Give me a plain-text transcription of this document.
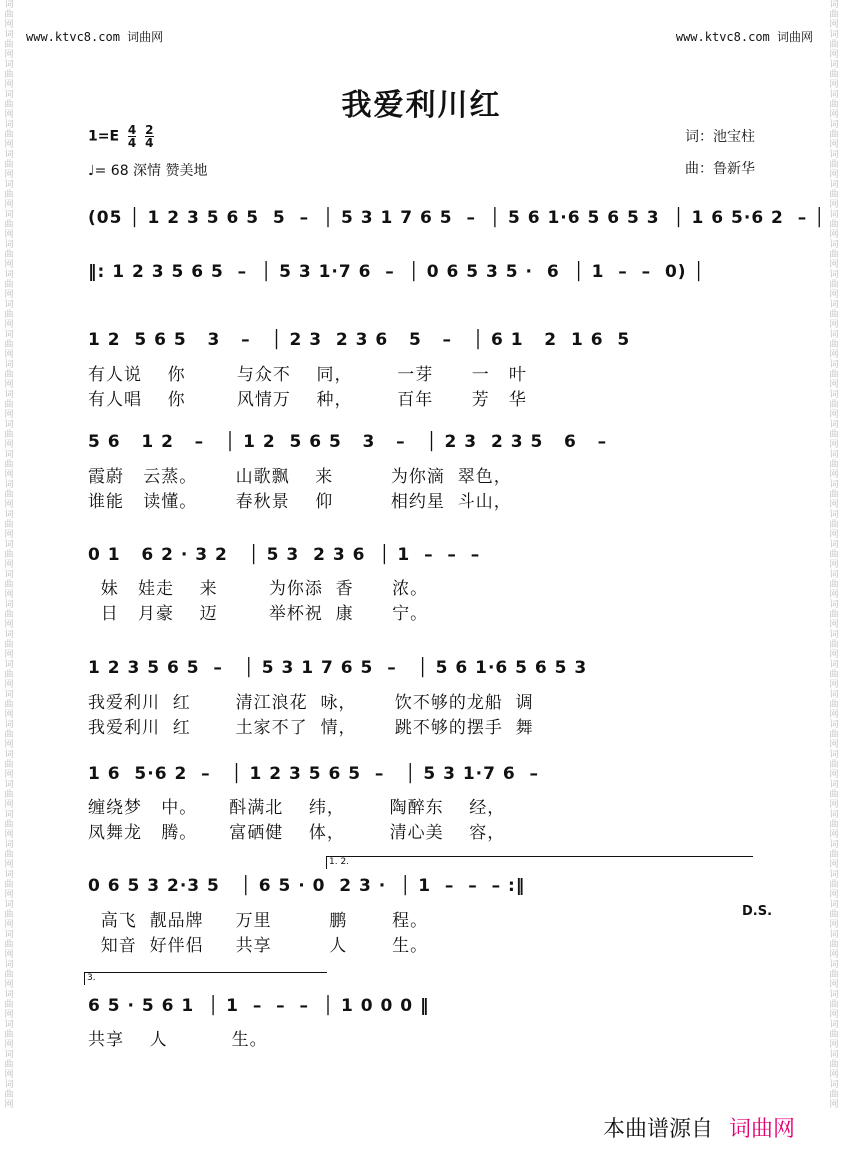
词曲网词曲网词曲网词曲网词曲网词曲网词曲网词曲网词曲网词曲网词曲网词曲网词曲网词曲网词曲网词曲网词曲网词曲网词曲网词曲网词曲网词曲网词曲网词曲网词曲网词曲网词曲网词曲网词曲网词曲网词曲网词曲网词曲网词曲网词曲网词曲网词曲网
词曲网词曲网词曲网词曲网词曲网词曲网词曲网词曲网词曲网词曲网词曲网词曲网词曲网词曲网词曲网词曲网词曲网词曲网词曲网词曲网词曲网词曲网词曲网词曲网词曲网词曲网词曲网词曲网词曲网词曲网词曲网词曲网词曲网词曲网词曲网词曲网词曲网
www.ktvc8.com 词曲网	www.ktvc8.com 词曲网
我爱利川红
$1=E \frac{4}{4}$
$\frac{2}{4}$
♩= 68 深情 赞美地
词：池宝柱
曲：鲁新华
(05 │ 1 2 3 5 6 5  5  –  │ 5 3 1 7 6 5  –  │ 5 6 1·6 5 6 5 3  │ 1 6 5·6 2  – │
‖: 1 2 3 5 6 5  –  │ 5 3 1·7 6  –  │ 0 6 5 3 5 ·  6  │ 1  –  –  0) │
1 2  5 6 5   3   –   │ 2 3  2 3 6   5   –   │ 6 1   2  1 6  5
有人说    你        与众不    同，       一芽      一   叶
有人唱    你        风情万    种，       百年      芳   华
5 6   1 2   –   │ 1 2  5 6 5   3   –   │ 2 3  2 3 5   6   –
霞蔚   云蒸。      山歌飘    来         为你滴  翠色，
谁能   读懂。      春秋景    仰         相约星  斗山，
0 1   6 2 · 3 2   │ 5 3  2 3 6  │ 1  –  –  –
妹   娃走    来        为你添  香      浓。
日   月豪    迈        举杯祝  康      宁。
1 2 3 5 6 5  –   │ 5 3 1 7 6 5  –   │ 5 6 1·6 5 6 5 3
我爱利川  红       清江浪花  咏，      饮不够的龙船  调
我爱利川  红       土家不了  情，      跳不够的摆手  舞
1 6  5·6 2  –   │ 1 2 3 5 6 5  –   │ 5 3 1·7 6  –
缠绕梦   中。     酙满北    纬，       陶醉东    经，
凤舞龙   腾。     富硒健    体，       清心美    容，
1. 2.
0 6 5 3 2·3 5   │ 6 5 · 0  2 3 ·  │ 1  –  –  – :‖
D.S.
高飞  靓品牌     万里         鹏       程。
知音  好伴侣     共享         人       生。
3.
6 5 · 5 6 1  │ 1  –  –  –  │ 1 0 0 0 ‖
共享    人          生。
本曲谱源自 词曲网
